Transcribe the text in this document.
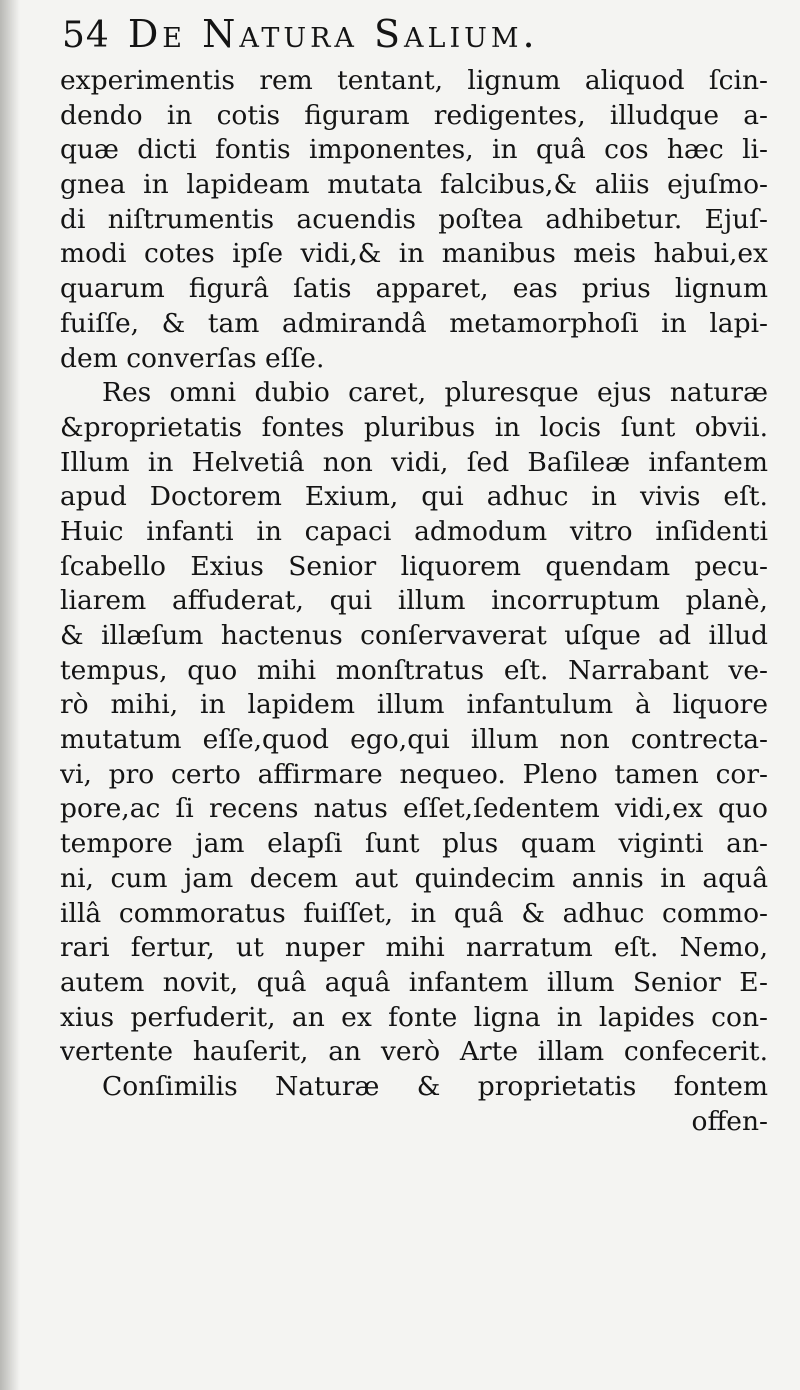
54 De Natura Salium.
experimentis rem tentant, lignum aliquod ſcin-
dendo in cotis figuram redigentes, illudque a-
quæ dicti fontis imponentes, in quâ cos hæc li-
gnea in lapideam mutata falcibus,& aliis ejuſmo-
di niſtrumentis acuendis poſtea adhibetur. Ejuſ-
modi cotes ipſe vidi,& in manibus meis habui,ex
quarum figurâ ſatis apparet, eas prius lignum
fuiſſe, & tam admirandâ metamorphoſi in lapi-
dem converſas eſſe.
Res omni dubio caret, pluresque ejus naturæ
&proprietatis fontes pluribus in locis ſunt obvii.
Illum in Helvetiâ non vidi, ſed Baſileæ infantem
apud Doctorem Exium, qui adhuc in vivis eſt.
Huic infanti in capaci admodum vitro inſidenti
ſcabello Exius Senior liquorem quendam pecu-
liarem affuderat, qui illum incorruptum planè,
& illæſum hactenus conſervaverat uſque ad illud
tempus, quo mihi monſtratus eſt. Narrabant ve-
rò mihi, in lapidem illum infantulum à liquore
mutatum eſſe,quod ego,qui illum non contrecta-
vi, pro certo affirmare nequeo. Pleno tamen cor-
pore,ac ſi recens natus eſſet,ſedentem vidi,ex quo
tempore jam elapſi ſunt plus quam viginti an-
ni, cum jam decem aut quindecim annis in aquâ
illâ commoratus fuiſſet, in quâ & adhuc commo-
rari fertur, ut nuper mihi narratum eſt. Nemo,
autem novit, quâ aquâ infantem illum Senior E-
xius perfuderit, an ex fonte ligna in lapides con-
vertente hauſerit, an verò Arte illam confecerit.
Conſimilis Naturæ & proprietatis fontem
offen-
